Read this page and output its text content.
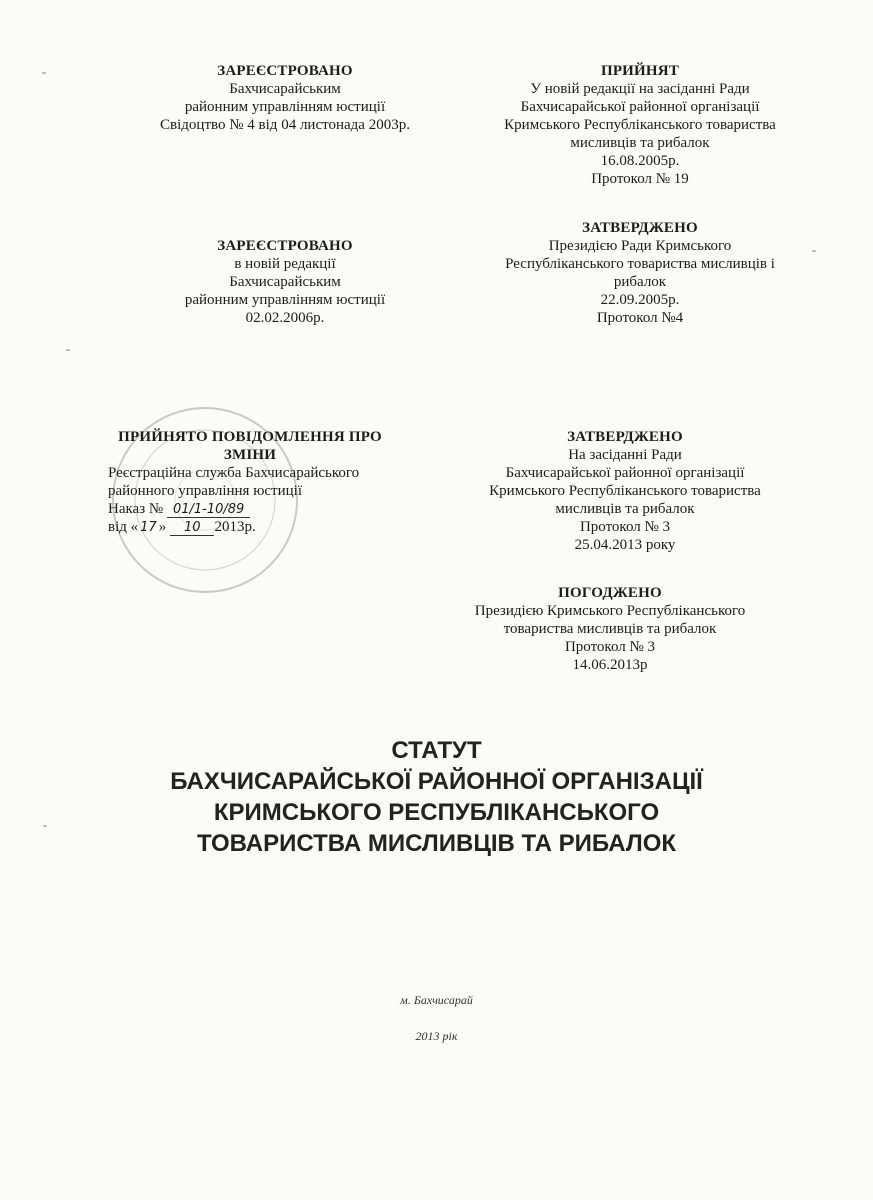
ЗАРЕЄСТРОВАНО
Бахчисарайським
районним управлінням юстиції
Свідоцтво № 4 від 04 листонада 2003р.
ПРИЙНЯТ
У новій редакції на засіданні Ради
Бахчисарайської районної організації
Кримського Республіканського товариства
мисливців та рибалок
16.08.2005р.
Протокол № 19
ЗАРЕЄСТРОВАНО
в новій редакції
Бахчисарайським
районним управлінням юстиції
02.02.2006р.
ЗАТВЕРДЖЕНО
Президією Ради Кримського
Республіканського товариства мисливців і
рибалок
22.09.2005р.
Протокол №4
ПРИЙНЯТО ПОВІДОМЛЕННЯ ПРО
ЗМІНИ
Реєстраційна служба Бахчисарайського
районного управління юстиції
Наказ № 01/1-10/89
від « 17 » 10 2013р.
ЗАТВЕРДЖЕНО
На засіданні Ради
Бахчисарайської районної організації
Кримського Республіканського товариства
мисливців та рибалок
Протокол № 3
25.04.2013 року
ПОГОДЖЕНО
Президією Кримського Республіканського
товариства мисливців та рибалок
Протокол № 3
14.06.2013р
СТАТУТ
БАХЧИСАРАЙСЬКОЇ РАЙОННОЇ ОРГАНІЗАЦІЇ
КРИМСЬКОГО РЕСПУБЛІКАНСЬКОГО
ТОВАРИСТВА МИСЛИВЦІВ ТА РИБАЛОК
м. Бахчисарай
2013 рік
